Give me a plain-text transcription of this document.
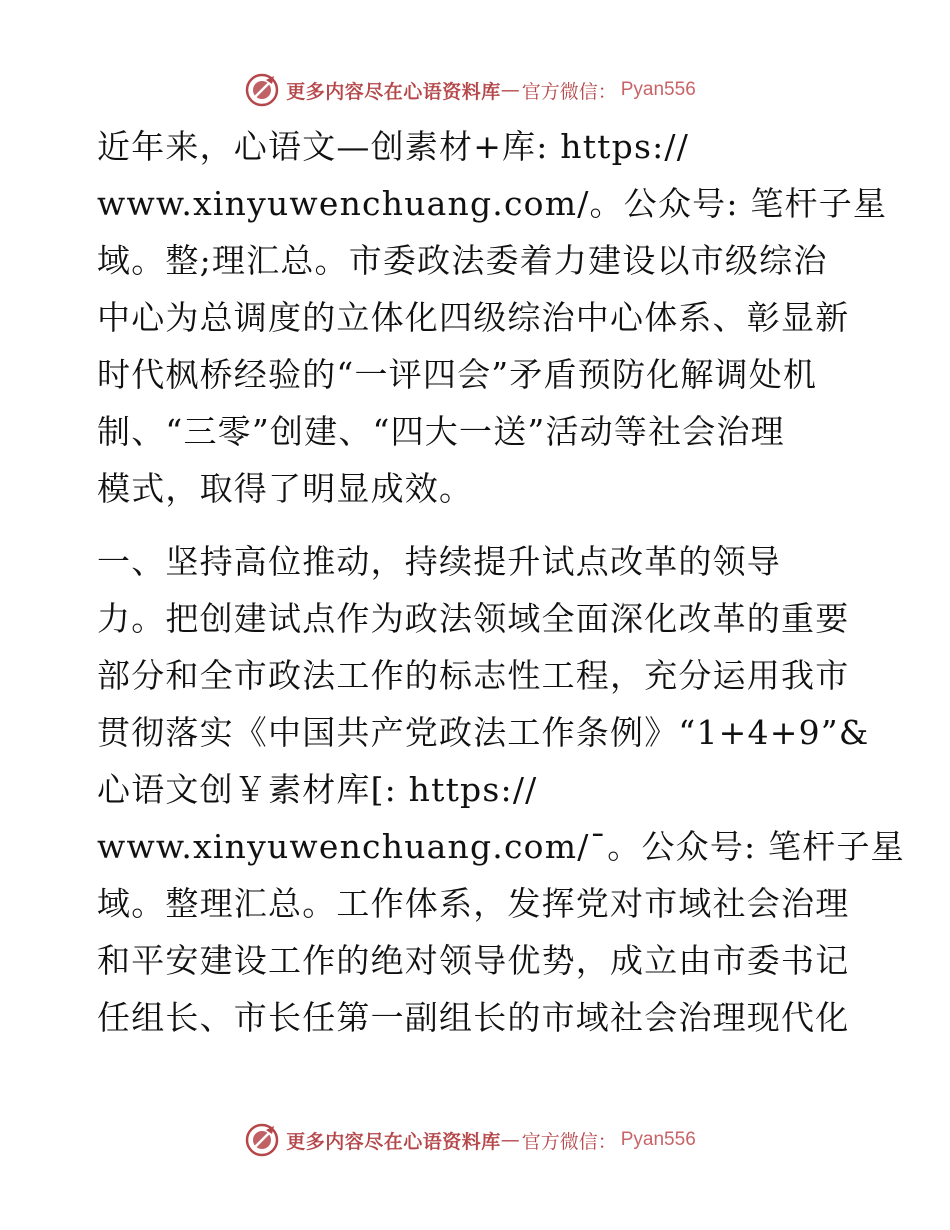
更多内容尽在心语资料库 — 官方微信： Pyan556
近年来，心语文—创素材+库: https://
www.xinyuwenchuang.com/。公众号: 笔杆子星
域。整;理汇总。市委政法委着力建设以市级综治
中心为总调度的立体化四级综治中心体系、彰显新
时代枫桥经验的“一评四会”矛盾预防化解调处机
制、“三零”创建、“四大一送”活动等社会治理
模式，取得了明显成效。
一、坚持高位推动，持续提升试点改革的领导
力。把创建试点作为政法领域全面深化改革的重要
部分和全市政法工作的标志性工程，充分运用我市
贯彻落实《中国共产党政法工作条例》“1+4+9”&
心语文创￥素材库[: https://
www.xinyuwenchuang.com/¯。公众号: 笔杆子星
域。整理汇总。工作体系，发挥党对市域社会治理
和平安建设工作的绝对领导优势，成立由市委书记
任组长、市长任第一副组长的市域社会治理现代化
更多内容尽在心语资料库 — 官方微信： Pyan556
